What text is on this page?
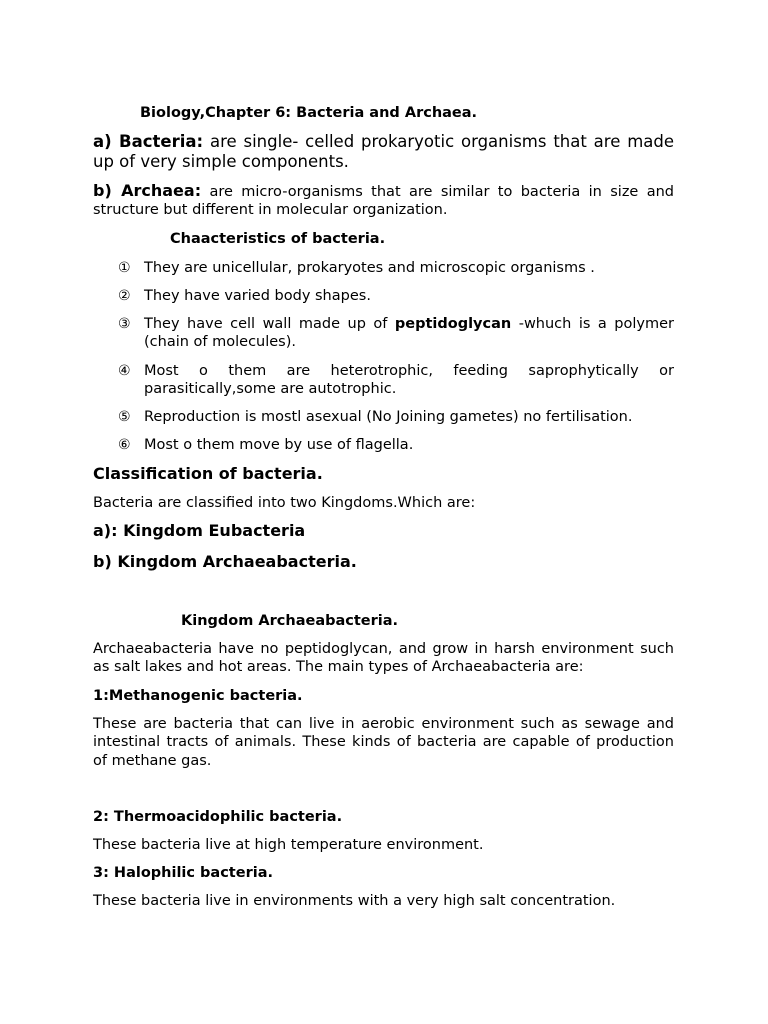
Biology,Chapter 6: Bacteria and Archaea.
a) Bacteria: are single- celled prokaryotic organisms that are made up of very simple components.
b) Archaea: are micro-organisms that are similar to bacteria in size and structure but different in molecular organization.
Chaacteristics of bacteria.
① They are unicellular, prokaryotes and microscopic organisms .
② They have varied body shapes.
③ They have cell wall made up of peptidoglycan -whuch is a polymer (chain of molecules).
④ Most o them are heterotrophic, feeding saprophytically or parasitically,some are autotrophic.
⑤ Reproduction is mostl asexual (No Joining gametes) no fertilisation.
⑥ Most o them move by use of flagella.
Classification of bacteria.
Bacteria are classified into two Kingdoms.Which are:
a): Kingdom Eubacteria
b) Kingdom Archaeabacteria.
Kingdom Archaeabacteria.
Archaeabacteria have no peptidoglycan, and grow in harsh environment such as salt lakes and hot areas. The main types of Archaeabacteria are:
1:Methanogenic bacteria.
These are bacteria that can live in aerobic environment such as sewage and intestinal tracts of animals. These kinds of bacteria are capable of production of methane gas.
2: Thermoacidophilic bacteria.
These bacteria live at high temperature environment.
3: Halophilic bacteria.
These bacteria live in environments with a very high salt concentration.
